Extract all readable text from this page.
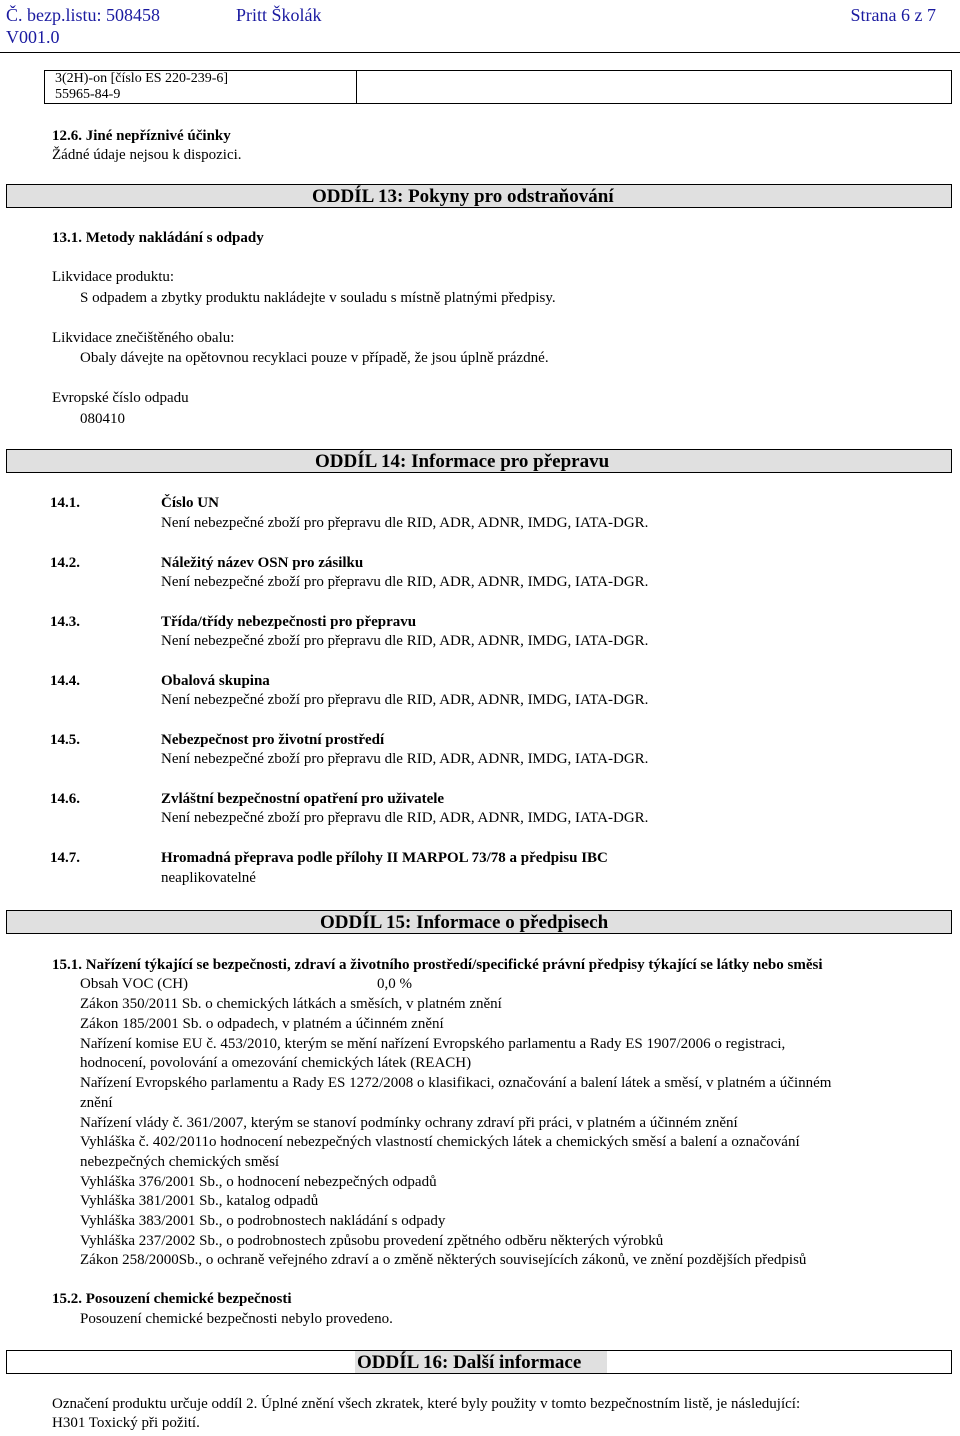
Č. bezp.listu: 508458
V001.0
Pritt Školák	Strana 6 z 7
3(2H)-on [číslo ES 220-239-6]
55965-84-9
12.6. Jiné nepříznivé účinky
Žádné údaje nejsou k dispozici.
ODDÍL 13: Pokyny pro odstraňování
13.1. Metody nakládání s odpady
Likvidace produktu:
S odpadem a zbytky produktu nakládejte v souladu s místně platnými předpisy.
Likvidace znečištěného obalu:
Obaly dávejte na opětovnou recyklaci pouze v případě, že jsou úplně prázdné.
Evropské číslo odpadu
080410
ODDÍL 14: Informace pro přepravu
14.1.	Číslo UN
Není nebezpečné zboží pro přepravu dle RID, ADR, ADNR, IMDG, IATA-DGR.
14.2.	Náležitý název OSN pro zásilku
Není nebezpečné zboží pro přepravu dle RID, ADR, ADNR, IMDG, IATA-DGR.
14.3.	Třída/třídy nebezpečnosti pro přepravu
Není nebezpečné zboží pro přepravu dle RID, ADR, ADNR, IMDG, IATA-DGR.
14.4.	Obalová skupina
Není nebezpečné zboží pro přepravu dle RID, ADR, ADNR, IMDG, IATA-DGR.
14.5.	Nebezpečnost pro životní prostředí
Není nebezpečné zboží pro přepravu dle RID, ADR, ADNR, IMDG, IATA-DGR.
14.6.	Zvláštní bezpečnostní opatření pro uživatele
Není nebezpečné zboží pro přepravu dle RID, ADR, ADNR, IMDG, IATA-DGR.
14.7.	Hromadná přeprava podle přílohy II MARPOL 73/78 a předpisu IBC
neaplikovatelné
ODDÍL 15: Informace o předpisech
15.1. Nařízení týkající se bezpečnosti, zdraví a životního prostředí/specifické právní předpisy týkající se látky nebo směsi
Obsah VOC (CH)	0,0 %
Zákon 350/2011 Sb. o chemických látkách a směsích, v platném znění
Zákon 185/2001 Sb. o odpadech, v platném a účinném znění
Nařízení komise EU č. 453/2010, kterým se mění nařízení Evropského parlamentu a Rady ES 1907/2006 o registraci,
hodnocení, povolování a omezování chemických látek (REACH)
Nařízení Evropského parlamentu a Rady ES 1272/2008 o klasifikaci, označování a balení látek a směsí, v platném a účinném
znění
Nařízení vlády č. 361/2007, kterým se stanoví podmínky ochrany zdraví při práci, v platném a účinném znění
Vyhláška č. 402/2011o hodnocení nebezpečných vlastností chemických látek a chemických směsí a balení a označování
nebezpečných chemických směsí
Vyhláška 376/2001 Sb., o hodnocení nebezpečných odpadů
Vyhláška 381/2001 Sb., katalog odpadů
Vyhláška 383/2001 Sb., o podrobnostech nakládání s odpady
Vyhláška 237/2002 Sb., o podrobnostech způsobu provedení zpětného odběru některých výrobků
Zákon 258/2000Sb., o ochraně veřejného zdraví a o změně některých souvisejících zákonů, ve znění pozdějších předpisů
15.2. Posouzení chemické bezpečnosti
Posouzení chemické bezpečnosti nebylo provedeno.
ODDÍL 16: Další informace
Označení produktu určuje oddíl 2. Úplné znění všech zkratek, které byly použity v tomto bezpečnostním listě, je následující:
H301 Toxický při požití.
